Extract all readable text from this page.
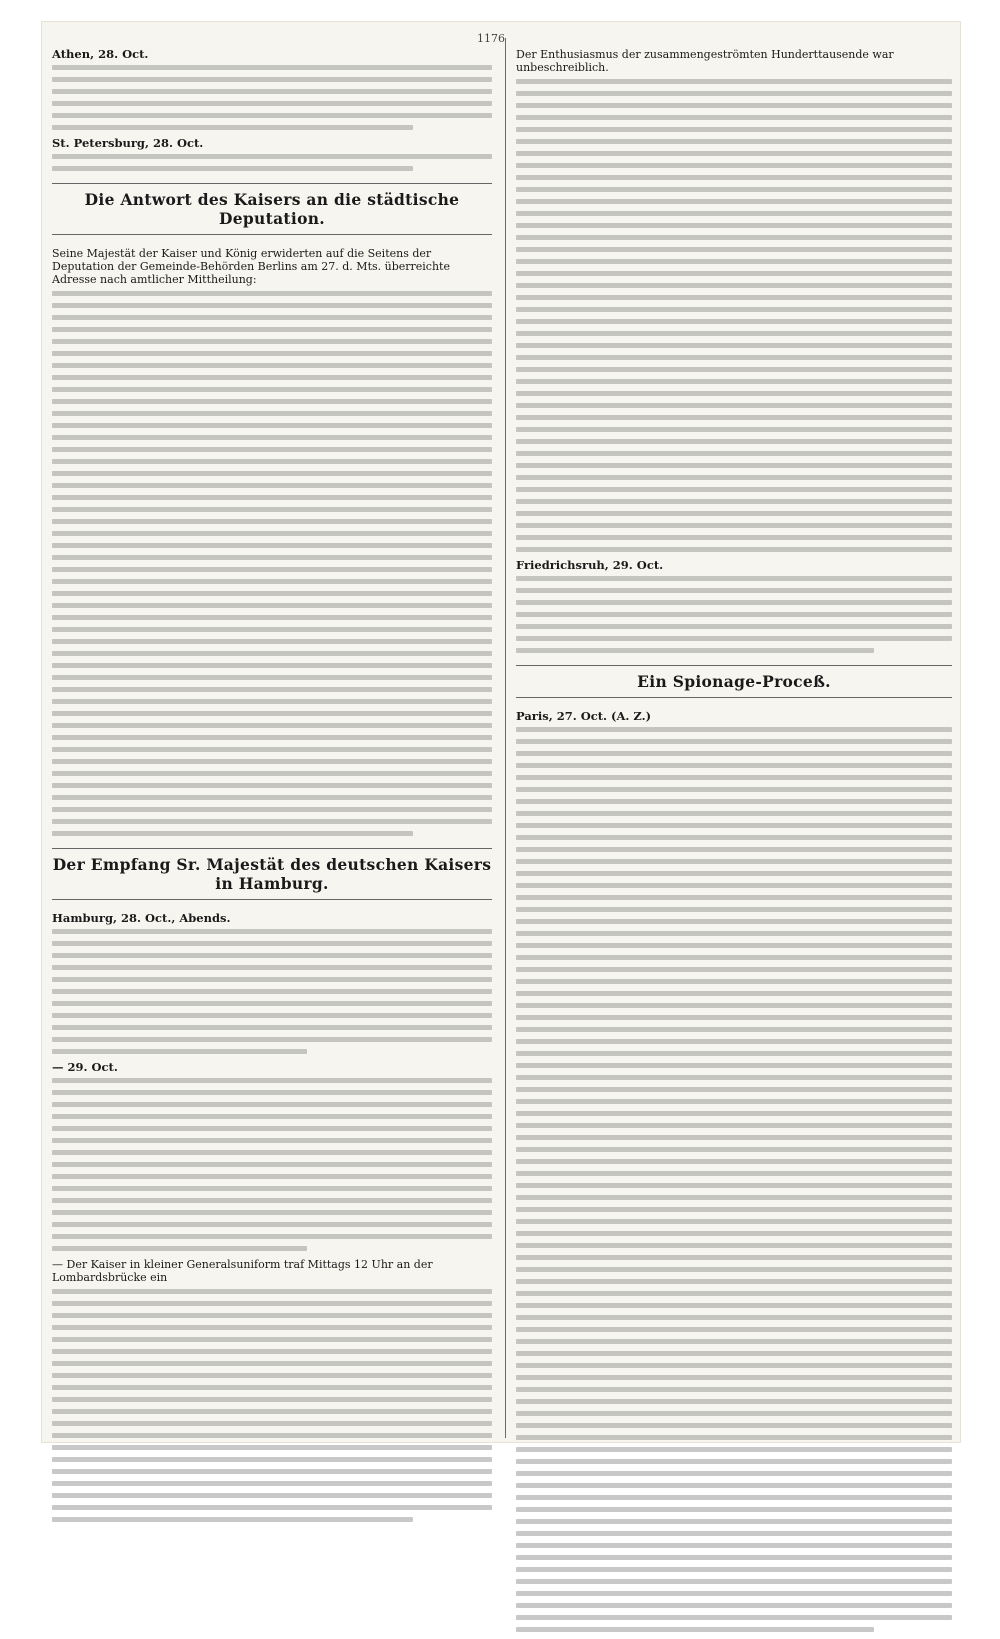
1176

Athen, 28. Oct.

St. Petersburg, 28. Oct.

Die Antwort des Kaisers an die städtische Deputation.

Seine Majestät der Kaiser und König erwiderten auf die Seitens der Deputation der Gemeinde-Behörden Berlins am 27. d. Mts. überreichte Adresse nach amtlicher Mittheilung:

Der Empfang Sr. Majestät des deutschen Kaisers in Hamburg.

Hamburg, 28. Oct., Abends.

— 29. Oct.

— Der Kaiser in kleiner Generalsuniform traf Mittags 12 Uhr an der Lombardsbrücke ein

Der Enthusiasmus der zusammengeströmten Hunderttausende war unbeschreiblich.

Friedrichsruh, 29. Oct.

Ein Spionage-Proceß.

Paris, 27. Oct. (A. Z.)
